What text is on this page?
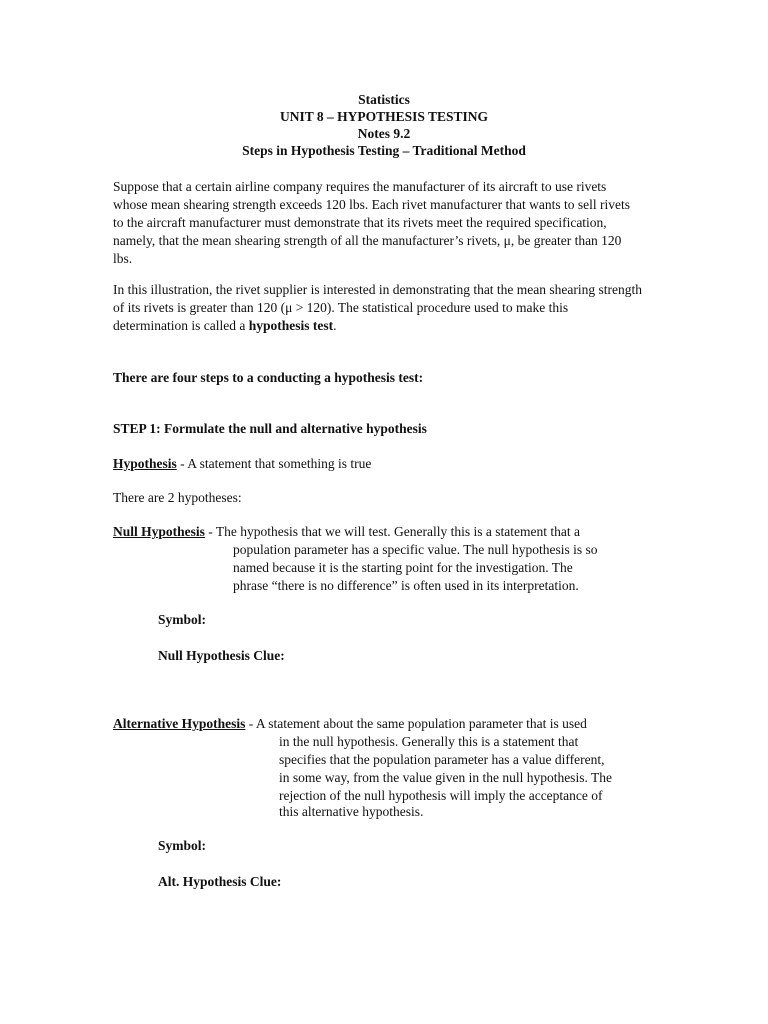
Statistics
UNIT 8 – HYPOTHESIS TESTING
Notes 9.2
Steps in Hypothesis Testing – Traditional Method
Suppose that a certain airline company requires the manufacturer of its aircraft to use rivets whose mean shearing strength exceeds 120 lbs. Each rivet manufacturer that wants to sell rivets to the aircraft manufacturer must demonstrate that its rivets meet the required specification, namely, that the mean shearing strength of all the manufacturer’s rivets, μ, be greater than 120 lbs.
In this illustration, the rivet supplier is interested in demonstrating that the mean shearing strength of its rivets is greater than 120 (μ > 120). The statistical procedure used to make this determination is called a hypothesis test.
There are four steps to a conducting a hypothesis test:
STEP 1: Formulate the null and alternative hypothesis
Hypothesis - A statement that something is true
There are 2 hypotheses:
Null Hypothesis - The hypothesis that we will test. Generally this is a statement that a
population parameter has a specific value. The null hypothesis is so
named because it is the starting point for the investigation. The
phrase “there is no difference” is often used in its interpretation.
Symbol:
Null Hypothesis Clue:
Alternative Hypothesis - A statement about the same population parameter that is used
in the null hypothesis. Generally this is a statement that
specifies that the population parameter has a value different,
in some way, from the value given in the null hypothesis. The
rejection of the null hypothesis will imply the acceptance of
this alternative hypothesis.
Symbol:
Alt. Hypothesis Clue:
